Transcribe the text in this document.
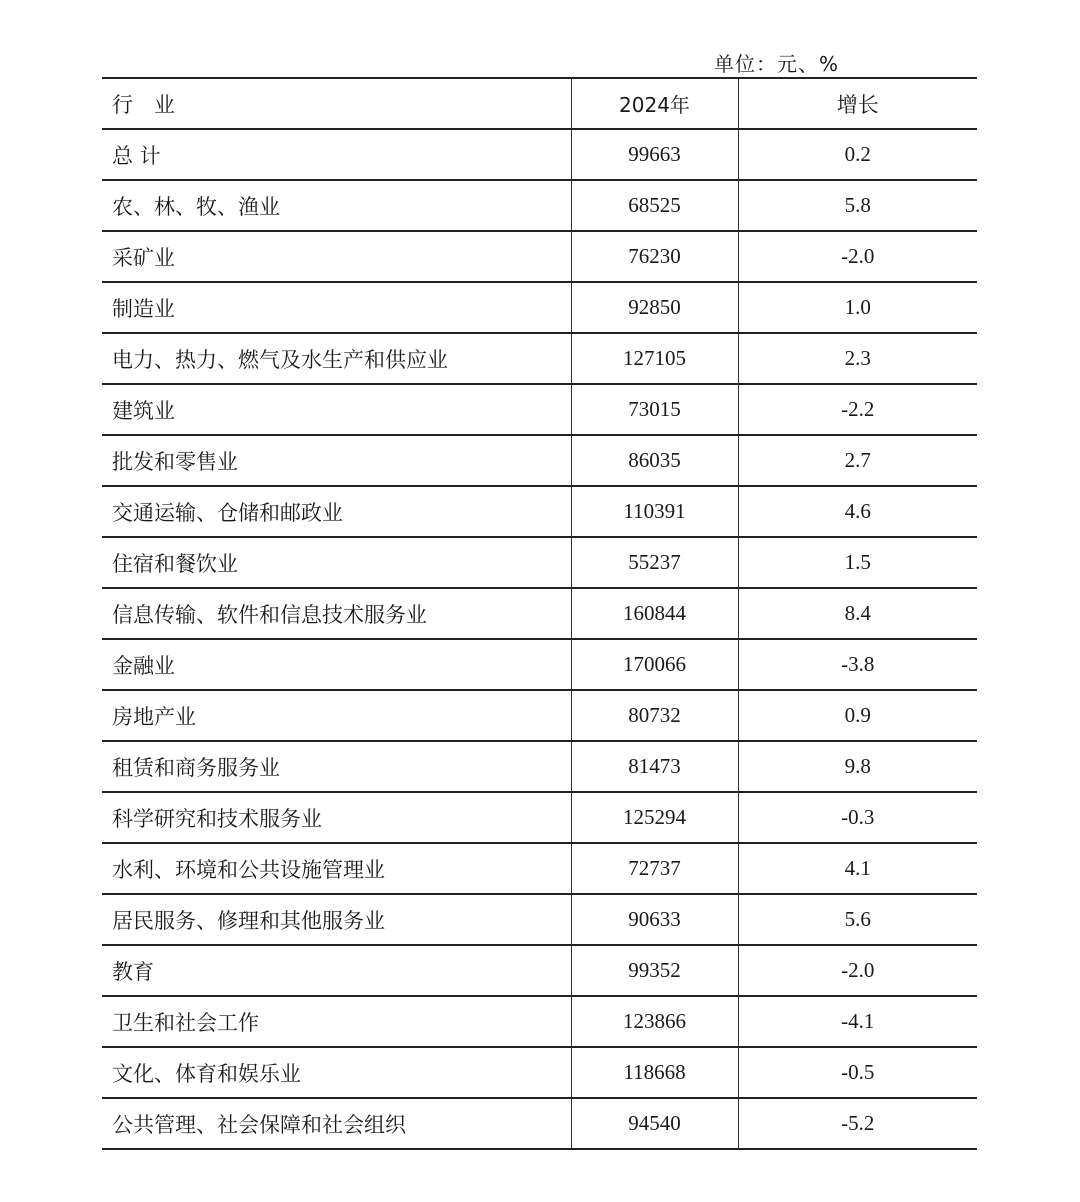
单位：元、%
行　业	2024年	增长
总 计	99663	0.2
农、林、牧、渔业	68525	5.8
采矿业	76230	-2.0
制造业	92850	1.0
电力、热力、燃气及水生产和供应业	127105	2.3
建筑业	73015	-2.2
批发和零售业	86035	2.7
交通运输、仓储和邮政业	110391	4.6
住宿和餐饮业	55237	1.5
信息传输、软件和信息技术服务业	160844	8.4
金融业	170066	-3.8
房地产业	80732	0.9
租赁和商务服务业	81473	9.8
科学研究和技术服务业	125294	-0.3
水利、环境和公共设施管理业	72737	4.1
居民服务、修理和其他服务业	90633	5.6
教育	99352	-2.0
卫生和社会工作	123866	-4.1
文化、体育和娱乐业	118668	-0.5
公共管理、社会保障和社会组织	94540	-5.2
